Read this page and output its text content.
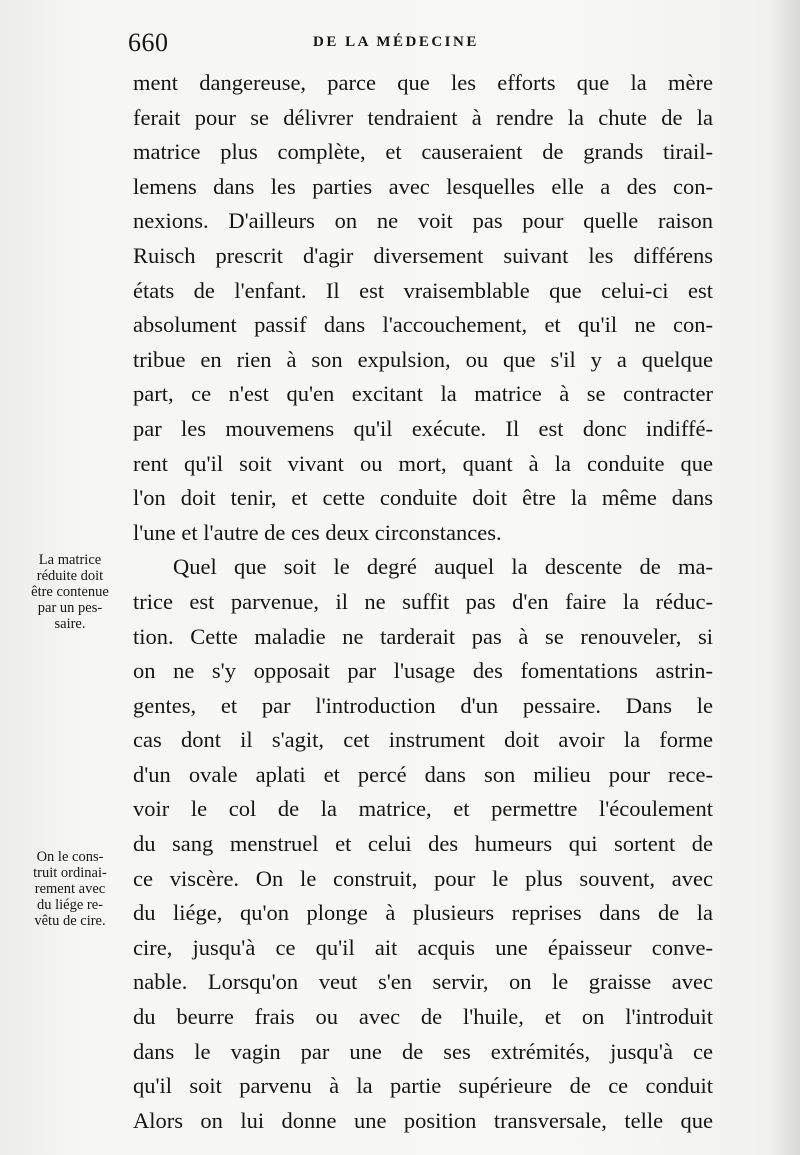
660	DE LA MÉDECINE
La matrice
réduite doit
être contenue
par un pes-
saire.
On le cons-
truit ordinai-
rement avec
du liége re-
vêtu de cire.
ment dangereuse, parce que les efforts que la mère
ferait pour se délivrer tendraient à rendre la chute de la
matrice plus complète, et causeraient de grands tirail-
lemens dans les parties avec lesquelles elle a des con-
nexions. D'ailleurs on ne voit pas pour quelle raison
Ruisch prescrit d'agir diversement suivant les différens
états de l'enfant. Il est vraisemblable que celui-ci est
absolument passif dans l'accouchement, et qu'il ne con-
tribue en rien à son expulsion, ou que s'il y a quelque
part, ce n'est qu'en excitant la matrice à se contracter
par les mouvemens qu'il exécute. Il est donc indiffé-
rent qu'il soit vivant ou mort, quant à la conduite que
l'on doit tenir, et cette conduite doit être la même dans
l'une et l'autre de ces deux circonstances.
Quel que soit le degré auquel la descente de ma-
trice est parvenue, il ne suffit pas d'en faire la réduc-
tion. Cette maladie ne tarderait pas à se renouveler, si
on ne s'y opposait par l'usage des fomentations astrin-
gentes, et par l'introduction d'un pessaire. Dans le
cas dont il s'agit, cet instrument doit avoir la forme
d'un ovale aplati et percé dans son milieu pour rece-
voir le col de la matrice, et permettre l'écoulement
du sang menstruel et celui des humeurs qui sortent de
ce viscère. On le construit, pour le plus souvent, avec
du liége, qu'on plonge à plusieurs reprises dans de la
cire, jusqu'à ce qu'il ait acquis une épaisseur conve-
nable. Lorsqu'on veut s'en servir, on le graisse avec
du beurre frais ou avec de l'huile, et on l'introduit
dans le vagin par une de ses extrémités, jusqu'à ce
qu'il soit parvenu à la partie supérieure de ce conduit
Alors on lui donne une position transversale, telle que
